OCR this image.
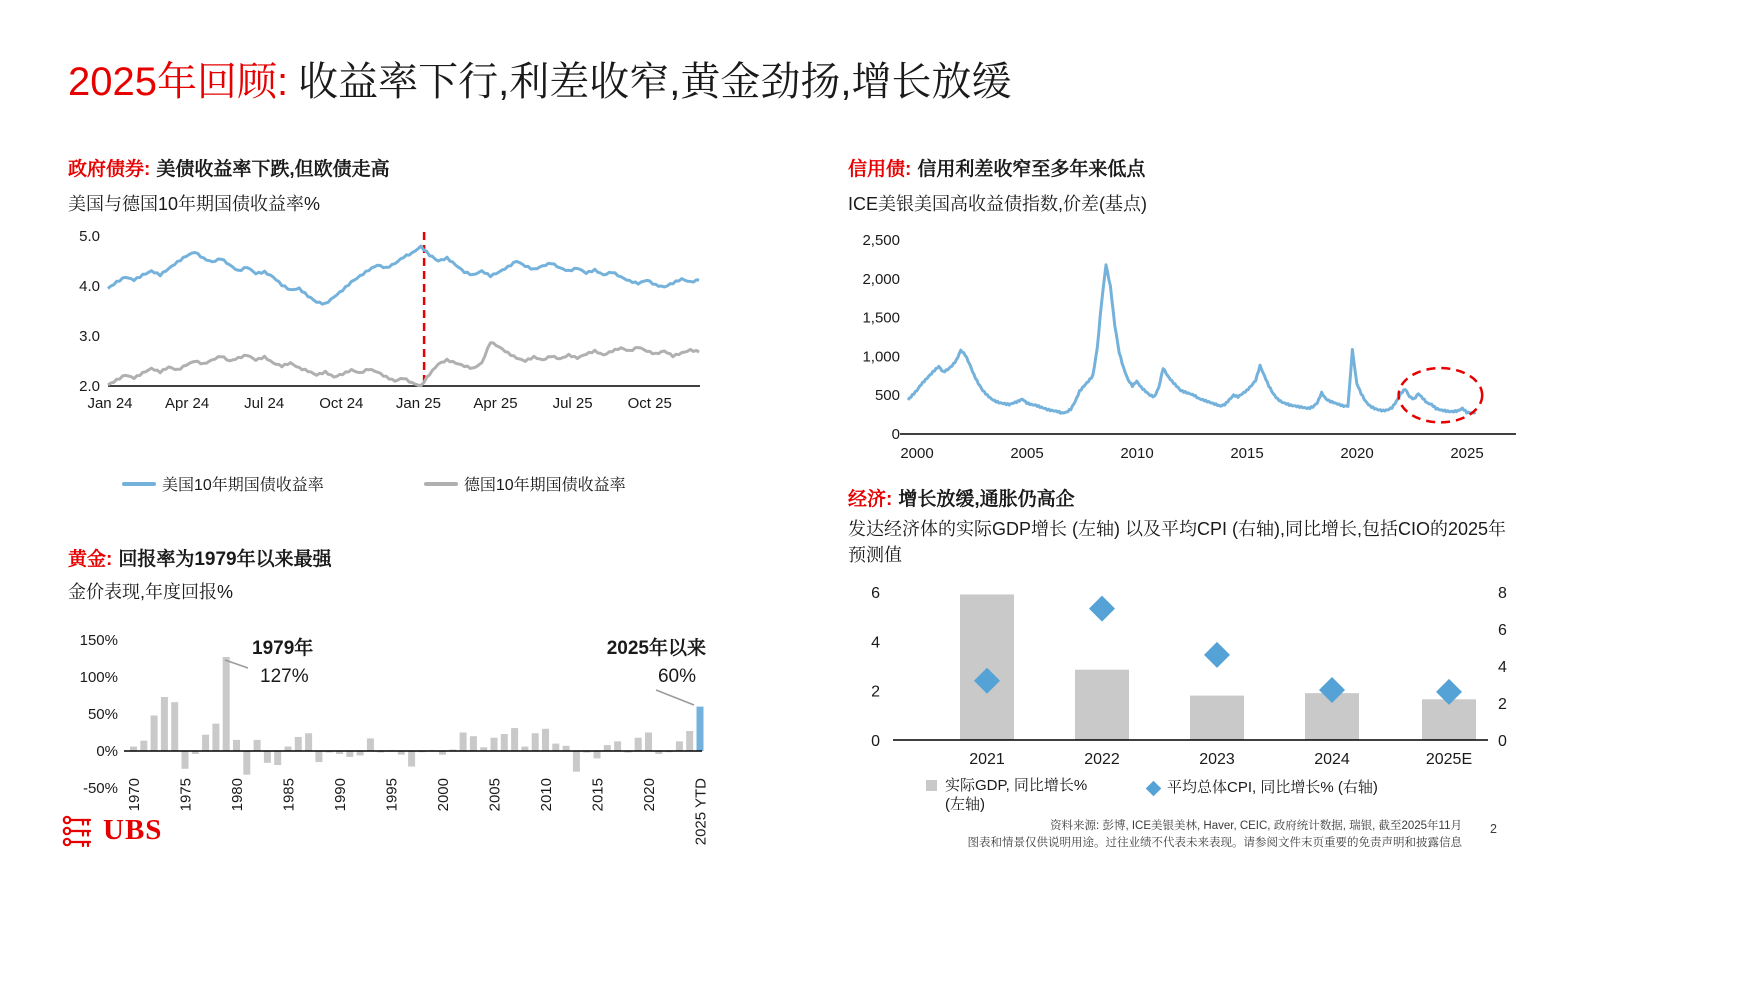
2025年回顾: 收益率下行,利差收窄,黄金劲扬,增长放缓
政府债券: 美债收益率下跌,但欧债走高
美国与德国10年期国债收益率%
5.0
4.0
3.0
2.0
Jan 24 Apr 24 Jul 24 Oct 24 Jan 25 Apr 25 Jul 25 Oct 25
美国10年期国债收益率	德国10年期国债收益率
信用债: 信用利差收窄至多年来低点
ICE美银美国高收益债指数,价差(基点)
2,500
2,000
1,500
1,000
500
0
2000	2005	2010	2015	2020	2025
黄金: 回报率为1979年以来最强
金价表现,年度回报%
150%
100%
50%
0%
-50% 1970 1975 1980 1985 1990 1995 2000 2005 2010 2015 2020 2025 YTD
1979年
127%
2025年以来
60%
经济: 增长放缓,通胀仍高企
发达经济体的实际GDP增长 (左轴) 以及平均CPI (右轴),同比增长,包括CIO的2025年预测值
0
2
4
6
0
2
4
6
8
2021	2022	2023	2024	2025E
实际GDP, 同比增长%
(左轴)
平均总体CPI, 同比增长% (右轴)
UBS	资料来源: 彭博, ICE美银美林, Haver, CEIC, 政府统计数据, 瑞银, 截至2025年11月
图表和情景仅供说明用途。过往业绩不代表未来表现。请参阅文件末页重要的免责声明和披露信息
2
